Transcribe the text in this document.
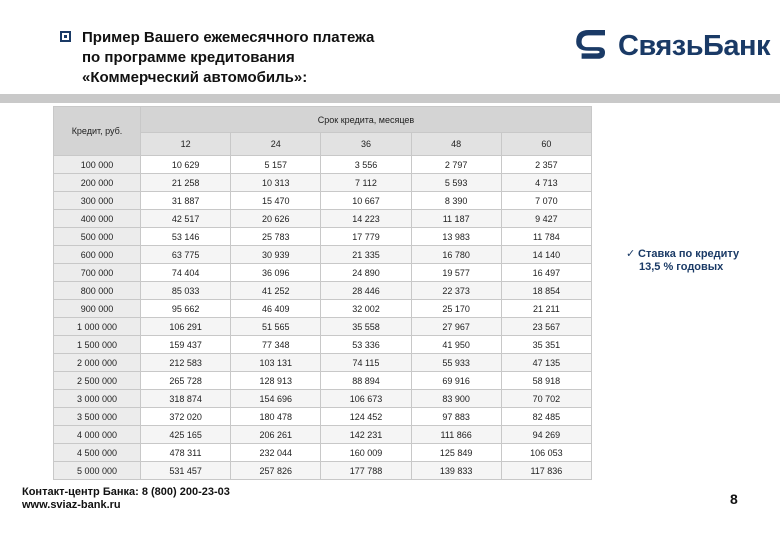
Пример Вашего ежемесячного платежа
по программе кредитования
«Коммерческий автомобиль»:
СвязьБанк
Кредит, руб.	Срок кредита, месяцев				
	12	24	36	48	60
100 000	10 629	5 157	3 556	2 797	2 357
200 000	21 258	10 313	7 112	5 593	4 713
300 000	31 887	15 470	10 667	8 390	7 070
400 000	42 517	20 626	14 223	11 187	9 427
500 000	53 146	25 783	17 779	13 983	11 784
600 000	63 775	30 939	21 335	16 780	14 140
700 000	74 404	36 096	24 890	19 577	16 497
800 000	85 033	41 252	28 446	22 373	18 854
900 000	95 662	46 409	32 002	25 170	21 211
1 000 000	106 291	51 565	35 558	27 967	23 567
1 500 000	159 437	77 348	53 336	41 950	35 351
2 000 000	212 583	103 131	74 115	55 933	47 135
2 500 000	265 728	128 913	88 894	69 916	58 918
3 000 000	318 874	154 696	106 673	83 900	70 702
3 500 000	372 020	180 478	124 452	97 883	82 485
4 000 000	425 165	206 261	142 231	111 866	94 269
4 500 000	478 311	232 044	160 009	125 849	106 053
5 000 000	531 457	257 826	177 788	139 833	117 836
✓ Ставка по кредиту
13,5 % годовых
Контакт-центр Банка: 8 (800) 200-23-03
www.sviaz-bank.ru	8
